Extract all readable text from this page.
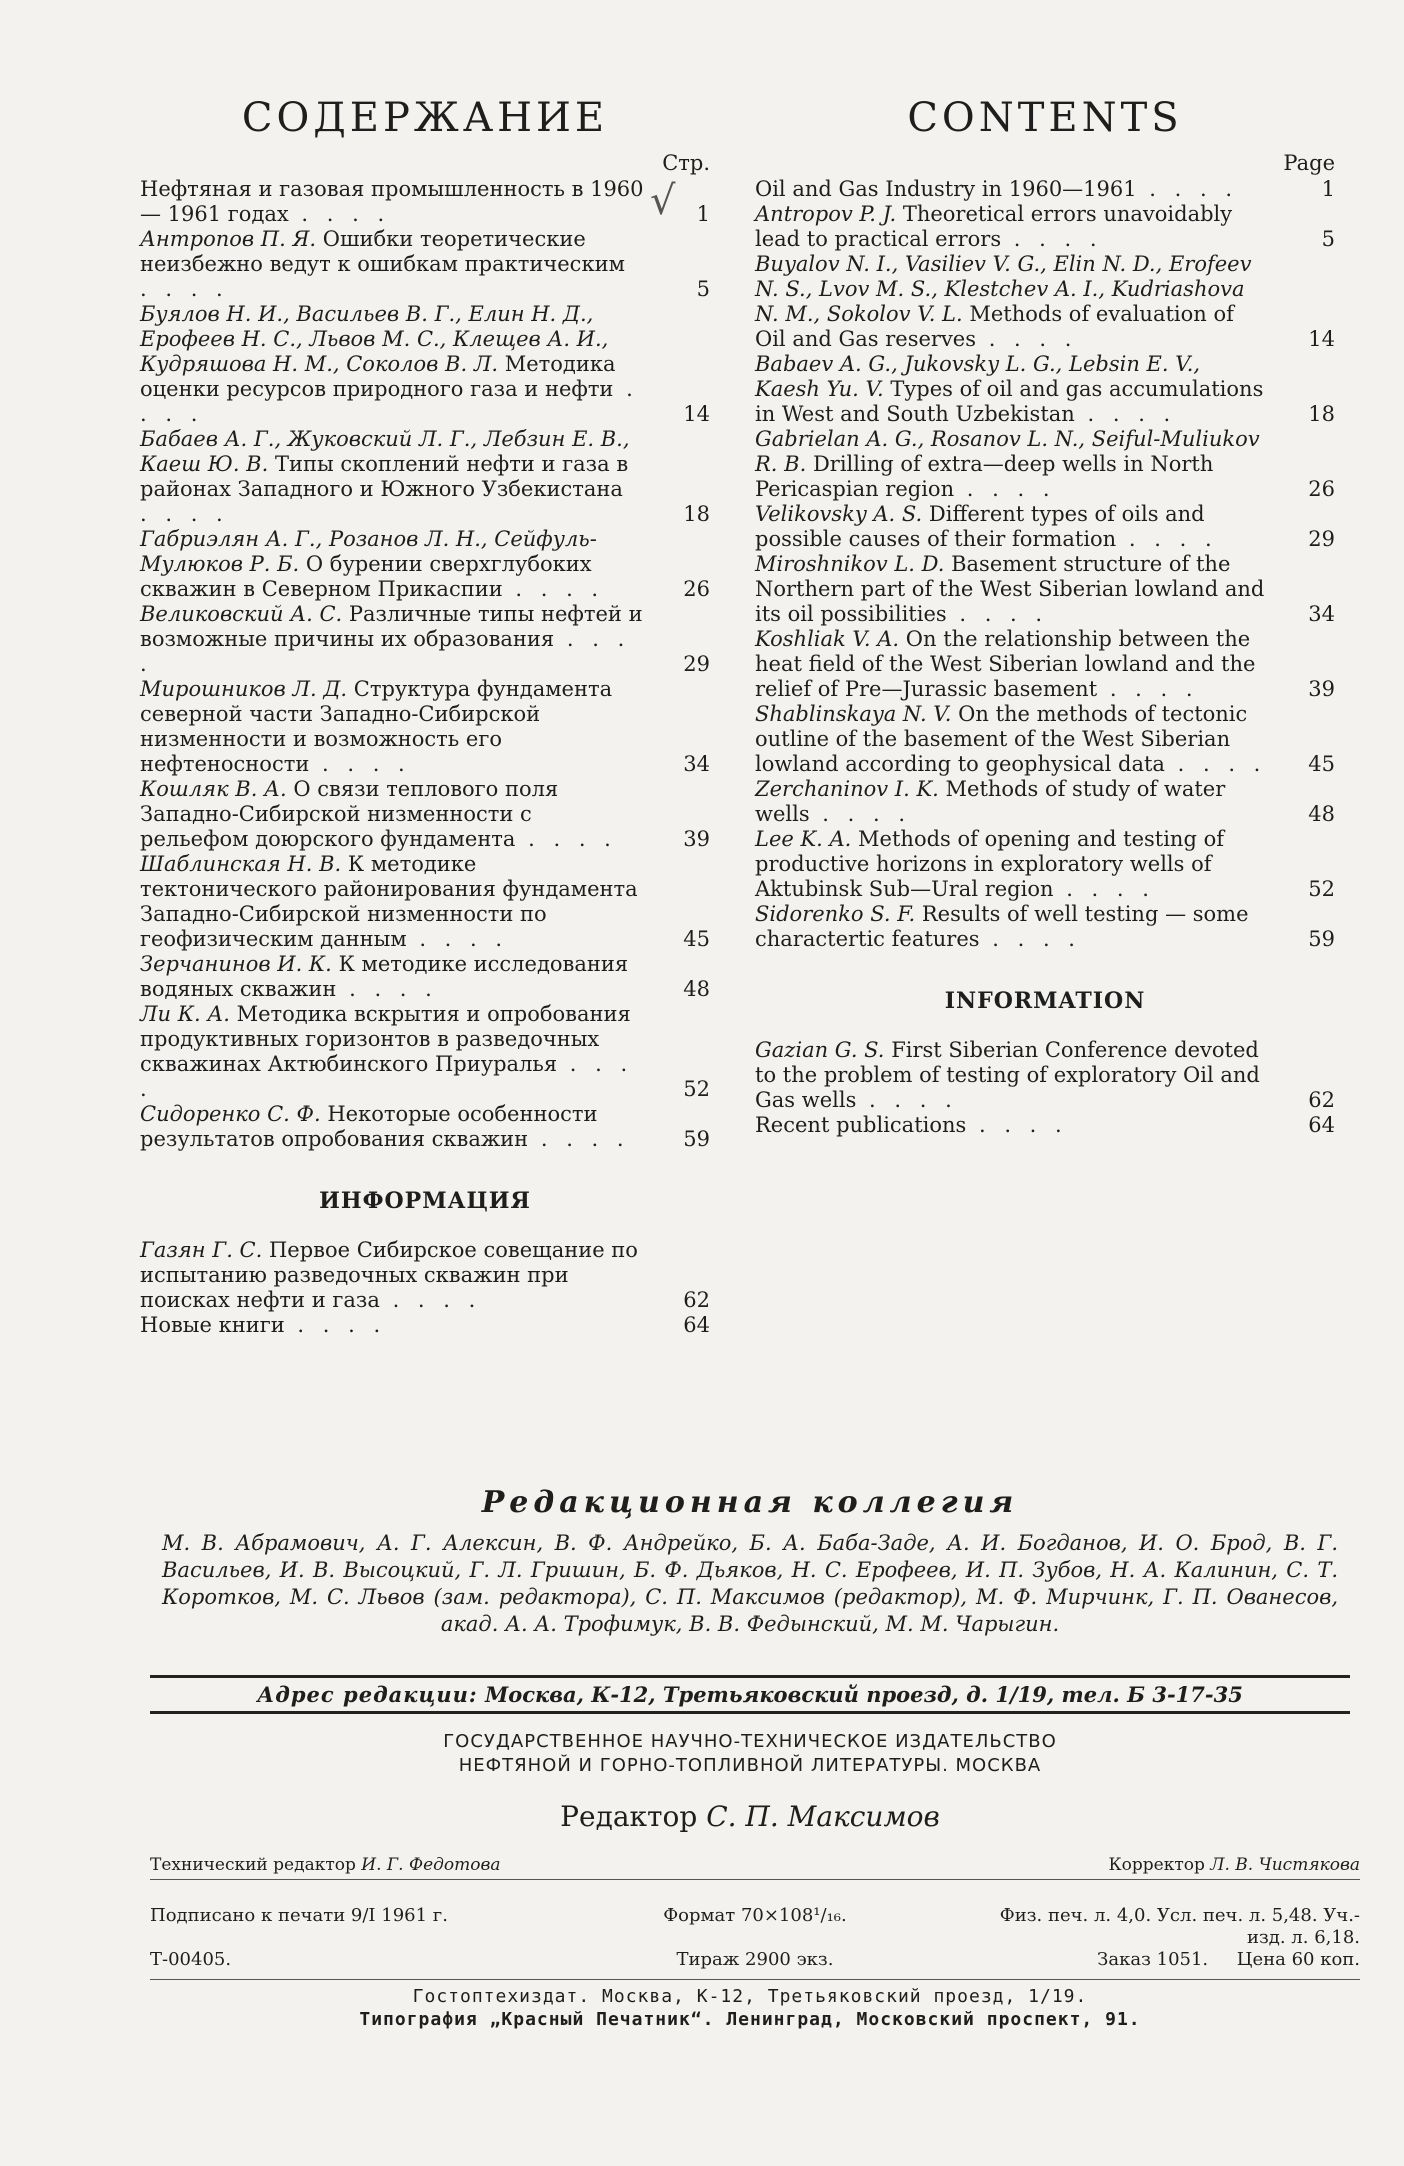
√
СОДЕРЖАНИЕ
Стр.
Нефтяная и газовая промышленность в 1960 — 1961 годах . . . .	1
Антропов П. Я. Ошибки теоретические неизбежно ведут к ошибкам практическим . . . .	5
Буялов Н. И., Васильев В. Г., Елин Н. Д., Ерофеев Н. С., Львов М. С., Клещев А. И., Кудряшова Н. М., Соколов В. Л. Методика оценки ресурсов природного газа и нефти . . . .	14
Бабаев А. Г., Жуковский Л. Г., Лебзин Е. В., Каеш Ю. В. Типы скоплений нефти и газа в районах Западного и Южного Узбекистана . . . .	18
Габриэлян А. Г., Розанов Л. Н., Сейфуль-Мулюков Р. Б. О бурении сверхглубоких скважин в Северном Прикаспии . . . .	26
Великовский А. С. Различные типы нефтей и возможные причины их образования . . . .	29
Мирошников Л. Д. Структура фундамента северной части Западно-Сибирской низменности и возможность его нефтеносности . . . .	34
Кошляк В. А. О связи теплового поля Западно-Сибирской низменности с рельефом доюрского фундамента . . . .	39
Шаблинская Н. В. К методике тектонического районирования фундамента Западно-Сибирской низменности по геофизическим данным . . . .	45
Зерчанинов И. К. К методике исследования водяных скважин . . . .	48
Ли К. А. Методика вскрытия и опробования продуктивных горизонтов в разведочных скважинах Актюбинского Приуралья . . . .	52
Сидоренко С. Ф. Некоторые особенности результатов опробования скважин . . . .	59
ИНФОРМАЦИЯ
Газян Г. С. Первое Сибирское совещание по испытанию разведочных скважин при поисках нефти и газа . . . .	62
Новые книги . . . .	64
CONTENTS
Page
Oil and Gas Industry in 1960—1961 . . . .	1
Antropov P. J. Theoretical errors unavoidably lead to practical errors . . . .	5
Buyalov N. I., Vasiliev V. G., Elin N. D., Erofeev N. S., Lvov M. S., Klestchev A. I., Kudriashova N. M., Sokolov V. L. Methods of evaluation of Oil and Gas reserves . . . .	14
Babaev A. G., Jukovsky L. G., Lebsin E. V., Kaesh Yu. V. Types of oil and gas accumulations in West and South Uzbekistan . . . .	18
Gabrielan A. G., Rosanov L. N., Seiful-Muliukov R. B. Drilling of extra—deep wells in North Pericaspian region . . . .	26
Velikovsky A. S. Different types of oils and possible causes of their formation . . . .	29
Miroshnikov L. D. Basement structure of the Northern part of the West Siberian lowland and its oil possibilities . . . .	34
Koshliak V. A. On the relationship between the heat field of the West Siberian lowland and the relief of Pre—Jurassic basement . . . .	39
Shablinskaya N. V. On the methods of tectonic outline of the basement of the West Siberian lowland according to geophysical data . . . .	45
Zerchaninov I. K. Methods of study of water wells . . . .	48
Lee K. A. Methods of opening and testing of productive horizons in exploratory wells of Aktubinsk Sub—Ural region . . . .	52
Sidorenko S. F. Results of well testing — some charactertic features . . . .	59
INFORMATION
Gazian G. S. First Siberian Conference devoted to the problem of testing of exploratory Oil and Gas wells . . . .	62
Recent publications . . . .	64
Редакционная коллегия
М. В. Абрамович, А. Г. Алексин, В. Ф. Андрейко, Б. А. Баба-Заде, А. И. Богданов, И. О. Брод, В. Г. Васильев, И. В. Высоцкий, Г. Л. Гришин, Б. Ф. Дьяков, Н. С. Ерофеев, И. П. Зубов, Н. А. Калинин, С. Т. Коротков, М. С. Львов (зам. редактора), С. П. Максимов (редактор), М. Ф. Мирчинк, Г. П. Ованесов, акад. А. А. Трофимук, В. В. Федынский, М. М. Чарыгин.
Адрес редакции: Москва, К-12, Третьяковский проезд, д. 1/19, тел. Б 3-17-35
ГОСУДАРСТВЕННОЕ НАУЧНО-ТЕХНИЧЕСКОЕ ИЗДАТЕЛЬСТВО
НЕФТЯНОЙ И ГОРНО-ТОПЛИВНОЙ ЛИТЕРАТУРЫ. МОСКВА
Редактор С. П. Максимов
Технический редактор И. Г. Федотова	Корректор Л. В. Чистякова
Подписано к печати 9/I 1961 г.	Формат 70×108¹/₁₆.	Физ. печ. л. 4,0. Усл. печ. л. 5,48. Уч.-изд. л. 6,18.
Т-00405.	Тираж 2900 экз.	Заказ 1051. Цена 60 коп.
Гостоптехиздат. Москва, К-12, Третьяковский проезд, 1/19.
Типография „Красный Печатник“. Ленинград, Московский проспект, 91.
